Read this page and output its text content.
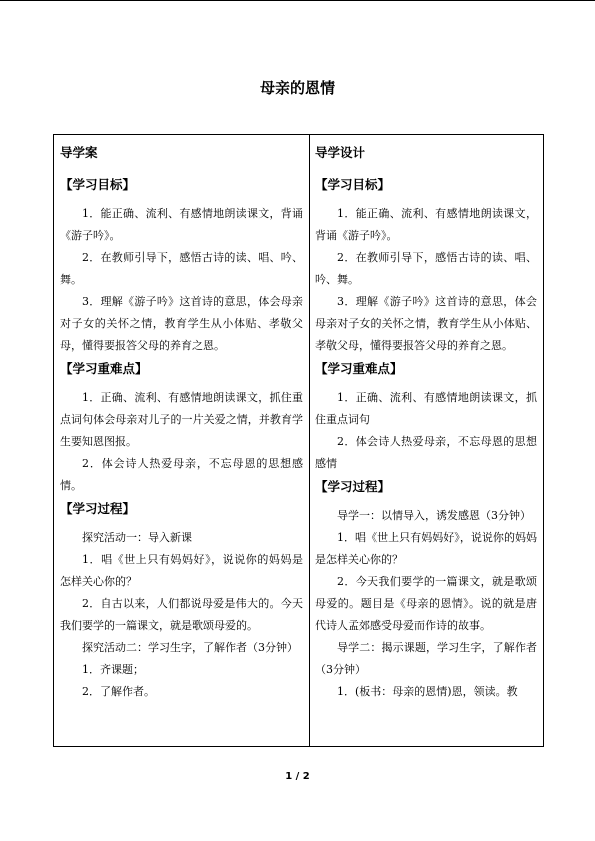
母亲的恩情
导学案
【学习目标】

1．能正确、流利、有感情地朗读课文，背诵《游子吟》。

2．在教师引导下，感悟古诗的读、唱、吟、舞。

3．理解《游子吟》这首诗的意思，体会母亲对子女的关怀之情，教育学生从小体贴、孝敬父母，懂得要报答父母的养育之恩。

【学习重难点】

1．正确、流利、有感情地朗读课文，抓住重点词句体会母亲对儿子的一片关爱之情，并教育学生要知恩图报。

2．体会诗人热爱母亲，不忘母恩的思想感情。

【学习过程】

探究活动一：导入新课

1．唱《世上只有妈妈好》，说说你的妈妈是怎样关心你的？

2．自古以来，人们都说母爱是伟大的。今天我们要学的一篇课文，就是歌颂母爱的。

探究活动二：学习生字，了解作者（3分钟）

1．齐课题；

2．了解作者。

导学设计
【学习目标】

1．能正确、流利、有感情地朗读课文，背诵《游子吟》。

2．在教师引导下，感悟古诗的读、唱、吟、舞。

3．理解《游子吟》这首诗的意思，体会母亲对子女的关怀之情，教育学生从小体贴、孝敬父母，懂得要报答父母的养育之恩。

【学习重难点】

1．正确、流利、有感情地朗读课文，抓住重点词句

2．体会诗人热爱母亲，不忘母恩的思想感情

【学习过程】

导学一：以情导入，诱发感恩（3分钟）

1．唱《世上只有妈妈好》，说说你的妈妈是怎样关心你的？

2．今天我们要学的一篇课文，就是歌颂母爱的。题目是《母亲的恩情》。说的就是唐代诗人孟郊感受母爱而作诗的故事。

导学二：揭示课题，学习生字，了解作者（3分钟）

1．(板书：母亲的恩情)恩，领读。教

1 / 2
